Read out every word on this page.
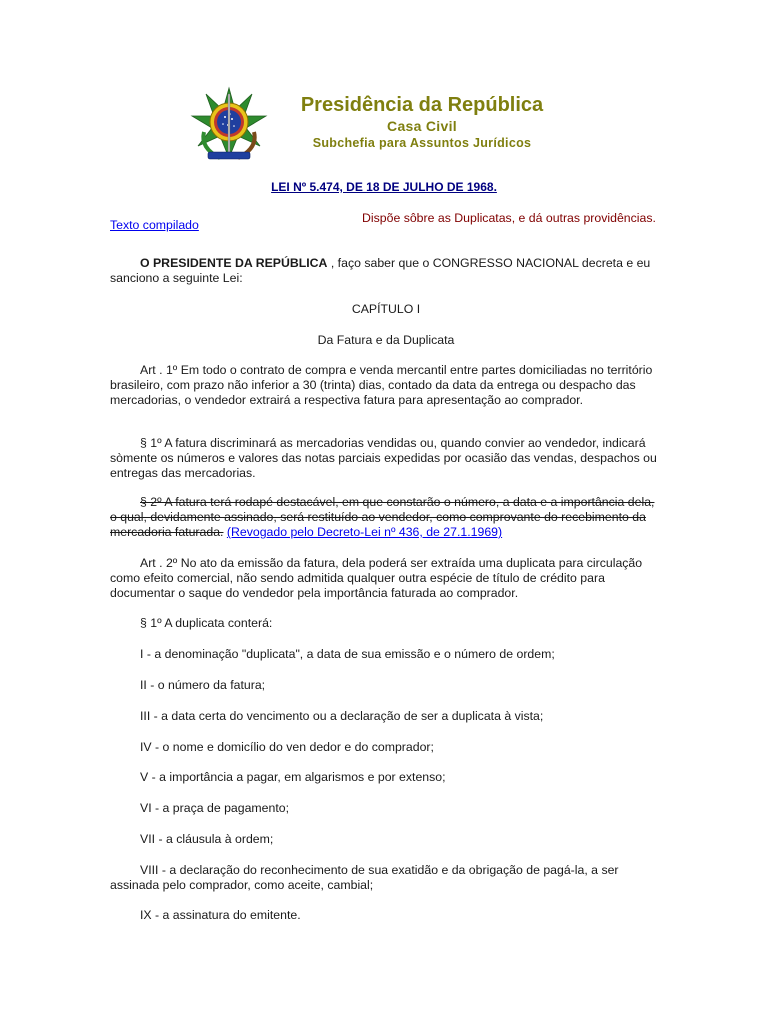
Presidência da República
Casa Civil
Subchefia para Assuntos Jurídicos
LEI Nº 5.474, DE 18 DE JULHO DE 1968.
Texto compilado	Dispõe sôbre as Duplicatas, e dá outras providências.

O PRESIDENTE DA REPÚBLICA , faço saber que o CONGRESSO NACIONAL decreta e eu sanciono a seguinte Lei:

CAPÍTULO I

Da Fatura e da Duplicata

Art . 1º Em todo o contrato de compra e venda mercantil entre partes domiciliadas no território brasileiro, com prazo não inferior a 30 (trinta) dias, contado da data da entrega ou despacho das mercadorias, o vendedor extrairá a respectiva fatura para apresentação ao comprador.

§ 1º A fatura discriminará as mercadorias vendidas ou, quando convier ao vendedor, indicará sòmente os números e valores das notas parciais expedidas por ocasião das vendas, despachos ou entregas das mercadorias.

§ 2º A fatura terá rodapé destacável, em que constarão o número, a data e a importância dela, o qual, devidamente assinado, será restituído ao vendedor, como comprovante do recebimento da mercadoria faturada. (Revogado pelo Decreto-Lei nº 436, de 27.1.1969)

Art . 2º No ato da emissão da fatura, dela poderá ser extraída uma duplicata para circulação como efeito comercial, não sendo admitida qualquer outra espécie de título de crédito para documentar o saque do vendedor pela importância faturada ao comprador.

§ 1º A duplicata conterá:

I - a denominação "duplicata", a data de sua emissão e o número de ordem;

II - o número da fatura;

III - a data certa do vencimento ou a declaração de ser a duplicata à vista;

IV - o nome e domicílio do ven dedor e do comprador;

V - a importância a pagar, em algarismos e por extenso;

VI - a praça de pagamento;

VII - a cláusula à ordem;

VIII - a declaração do reconhecimento de sua exatidão e da obrigação de pagá-la, a ser assinada pelo comprador, como aceite, cambial;

IX - a assinatura do emitente.
